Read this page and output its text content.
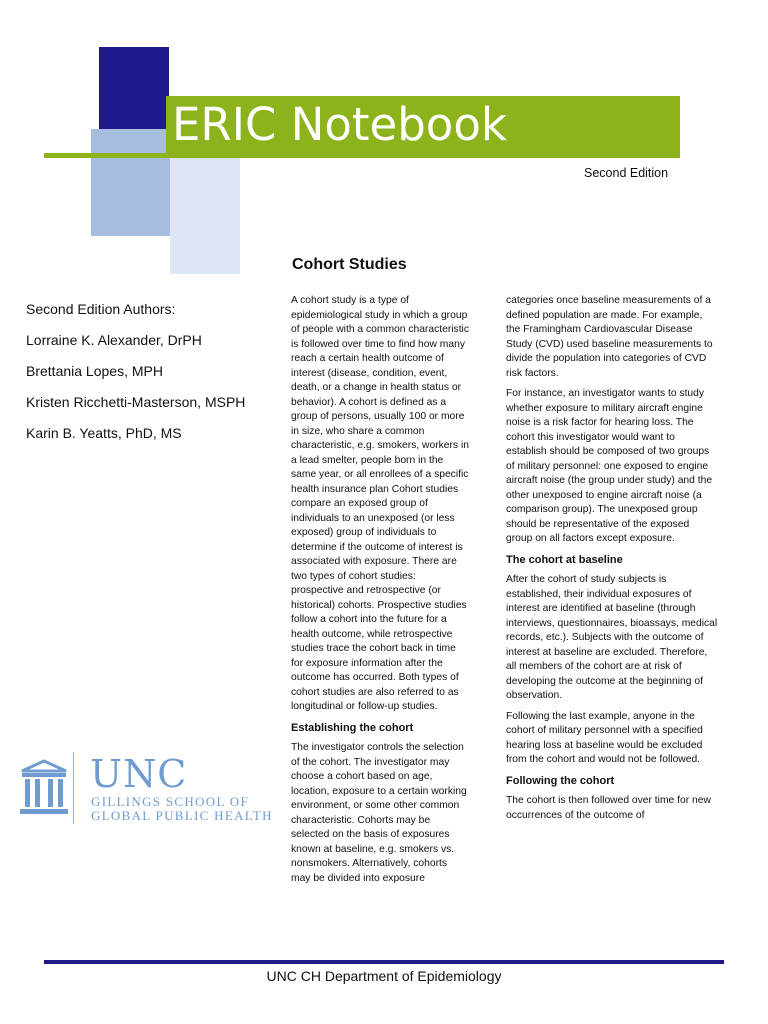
ERIC Notebook
Second Edition
Cohort Studies
Second Edition Authors:
Lorraine K. Alexander, DrPH
Brettania Lopes, MPH
Kristen Ricchetti-Masterson, MSPH
Karin B. Yeatts, PhD, MS
UNC
GILLINGS SCHOOL OF
GLOBAL PUBLIC HEALTH

A cohort study is a type of epidemiological study in which a group of people with a common characteristic is followed over time to find how many reach a certain health outcome of interest (disease, condition, event, death, or a change in health status or behavior). A cohort is defined as a group of persons, usually 100 or more in size, who share a common characteristic, e.g. smokers, workers in a lead smelter, people born in the same year, or all enrollees of a specific health insurance plan Cohort studies compare an exposed group of individuals to an unexposed (or less exposed) group of individuals to determine if the outcome of interest is associated with exposure. There are two types of cohort studies: prospective and retrospective (or historical) cohorts. Prospective studies follow a cohort into the future for a health outcome, while retrospective studies trace the cohort back in time for exposure information after the outcome has occurred. Both types of cohort studies are also referred to as longitudinal or follow-up studies.

Establishing the cohort

The investigator controls the selection of the cohort. The investigator may choose a cohort based on age, location, exposure to a certain working environment, or some other common characteristic. Cohorts may be selected on the basis of exposures known at baseline, e.g. smokers vs. nonsmokers. Alternatively, cohorts may be divided into exposure

categories once baseline measurements of a defined population are made. For example, the Framingham Cardiovascular Disease Study (CVD) used baseline measurements to divide the population into categories of CVD risk factors.

For instance, an investigator wants to study whether exposure to military aircraft engine noise is a risk factor for hearing loss. The cohort this investigator would want to establish should be composed of two groups of military personnel: one exposed to engine aircraft noise (the group under study) and the other unexposed to engine aircraft noise (a comparison group). The unexposed group should be representative of the exposed group on all factors except exposure.

The cohort at baseline

After the cohort of study subjects is established, their individual exposures of interest are identified at baseline (through interviews, questionnaires, bioassays, medical records, etc.). Subjects with the outcome of interest at baseline are excluded. Therefore, all members of the cohort are at risk of developing the outcome at the beginning of observation.

Following the last example, anyone in the cohort of military personnel with a specified hearing loss at baseline would be excluded from the cohort and would not be followed.

Following the cohort

The cohort is then followed over time for new occurrences of the outcome of

UNC CH Department of Epidemiology
